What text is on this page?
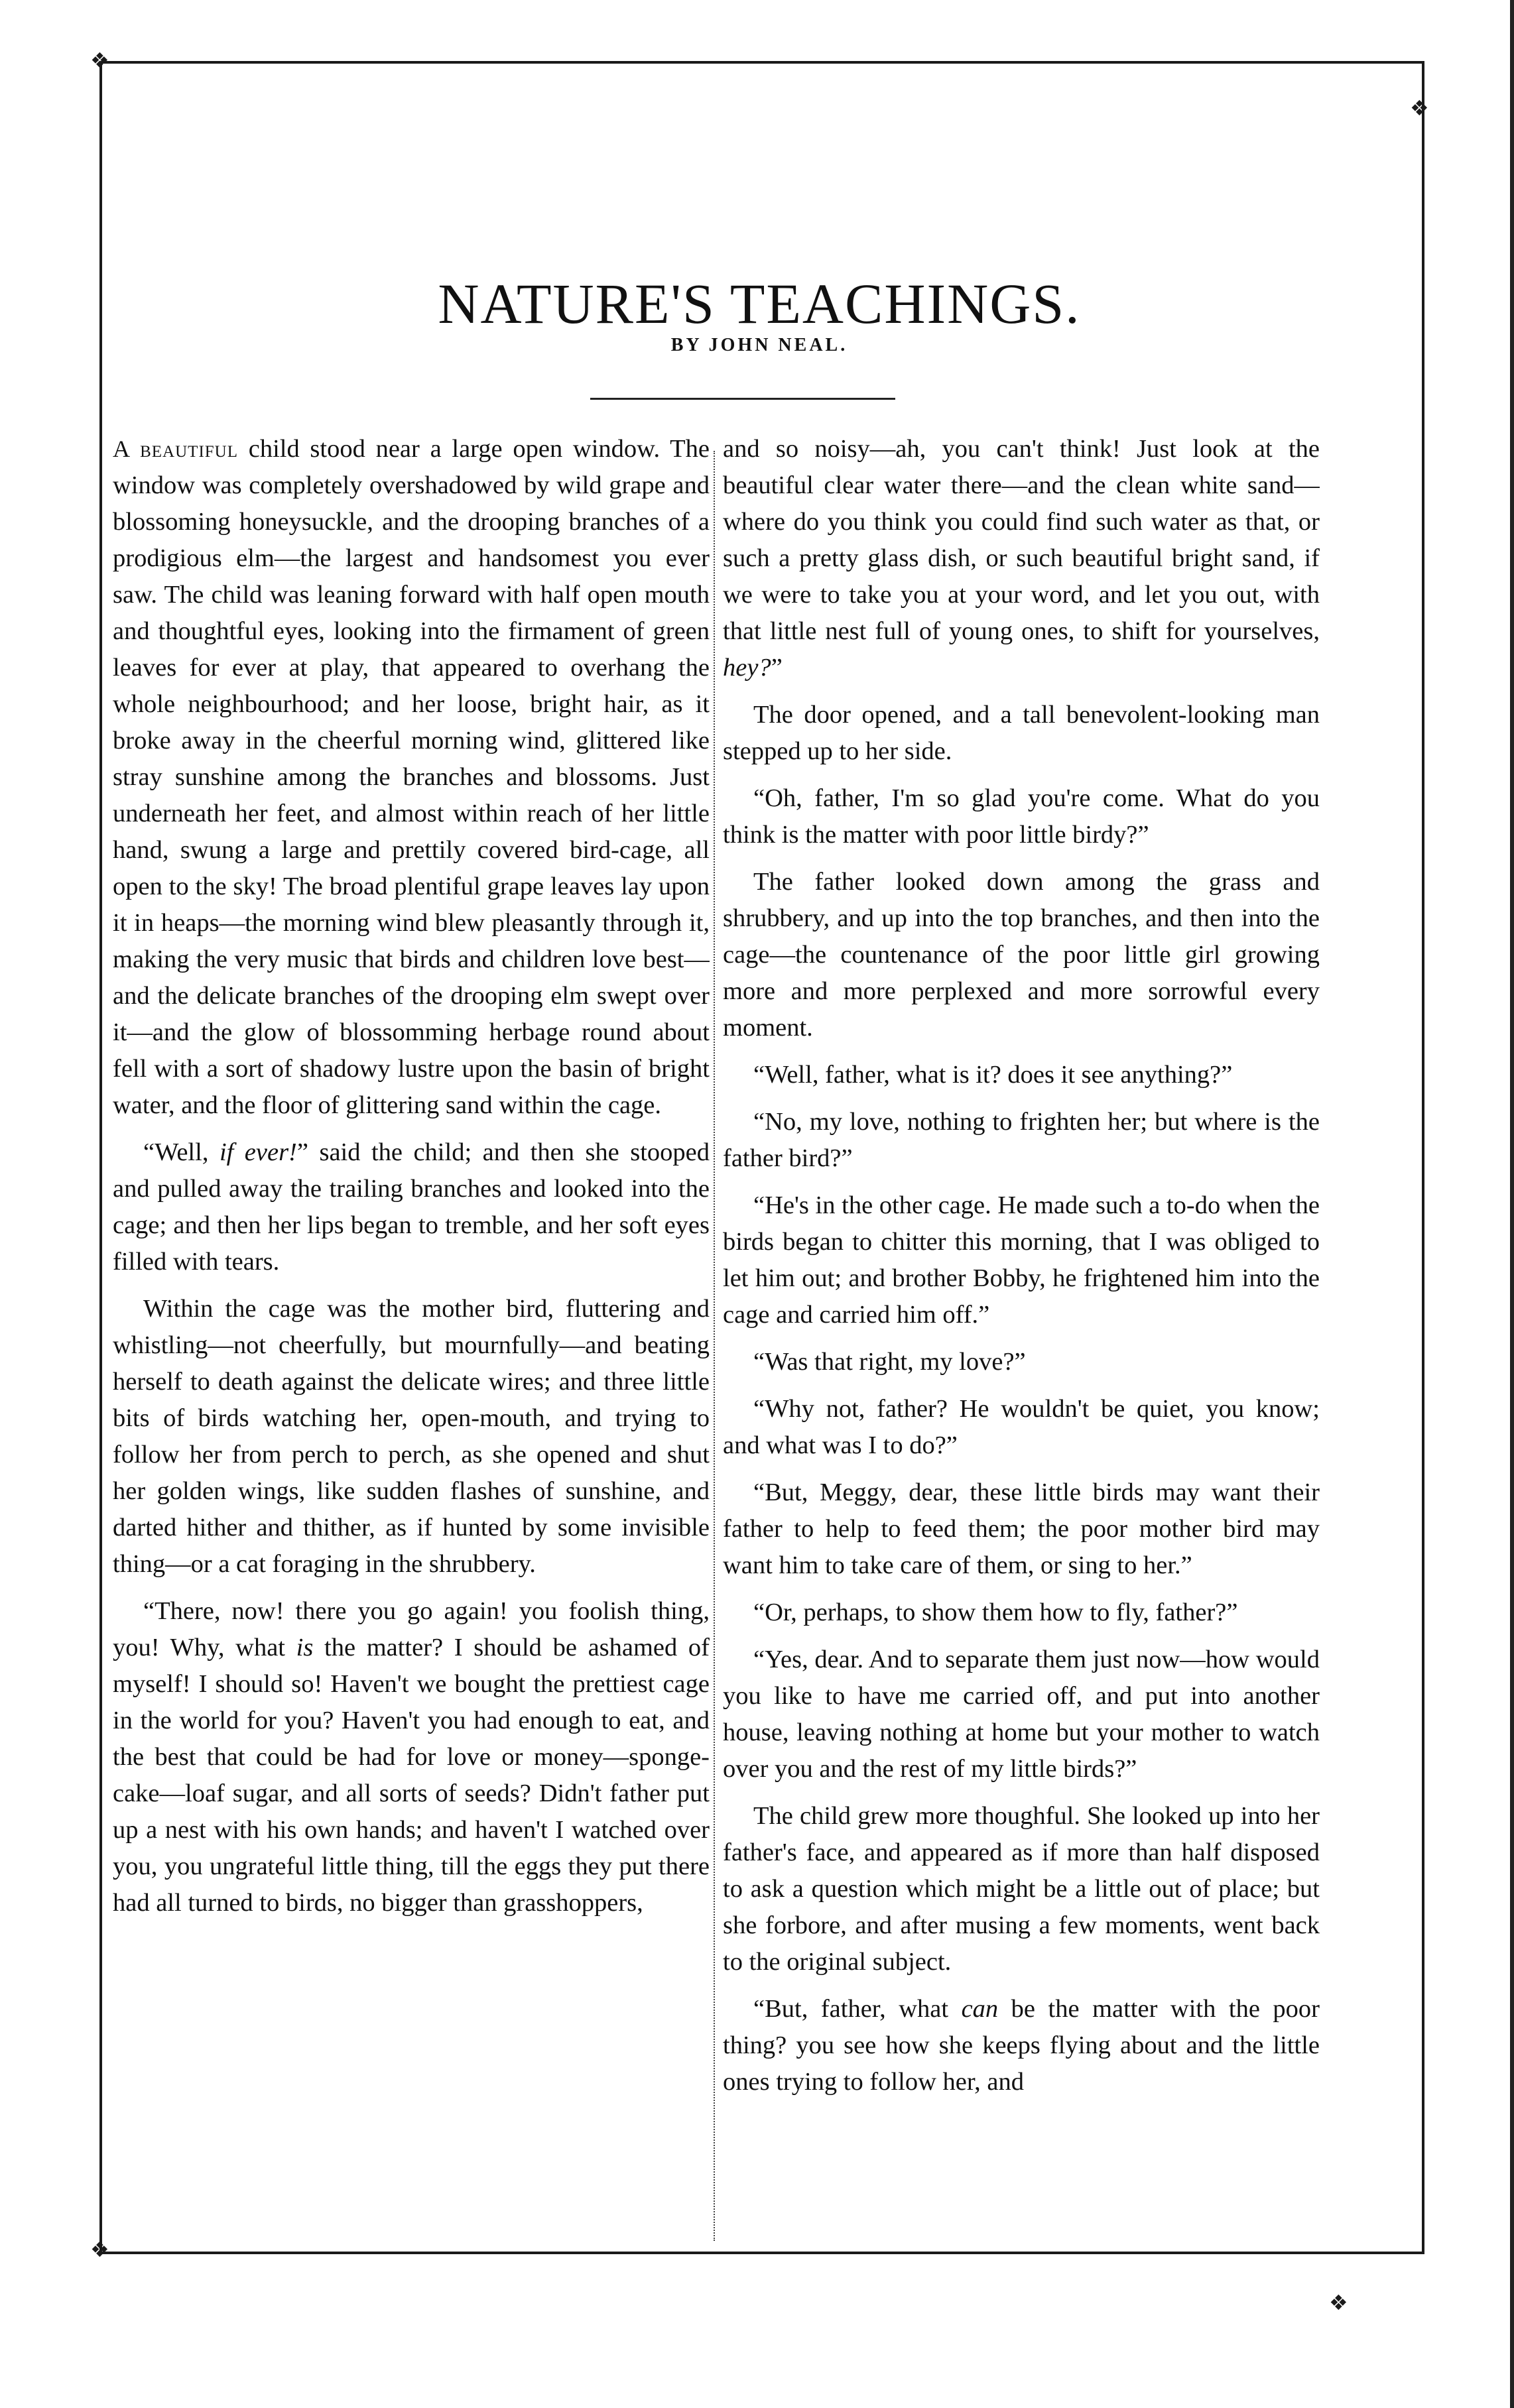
❖
❖
❖
❖
NATURE'S TEACHINGS.
BY JOHN NEAL.

A beautiful child stood near a large open window. The window was completely overshadowed by wild grape and blossoming honeysuckle, and the drooping branches of a prodigious elm—the largest and handsomest you ever saw. The child was leaning forward with half open mouth and thoughtful eyes, looking into the firmament of green leaves for ever at play, that appeared to overhang the whole neighbourhood; and her loose, bright hair, as it broke away in the cheerful morning wind, glittered like stray sunshine among the branches and blossoms. Just underneath her feet, and almost within reach of her little hand, swung a large and prettily covered bird-cage, all open to the sky! The broad plentiful grape leaves lay upon it in heaps—the morning wind blew pleasantly through it, making the very music that birds and children love best—and the delicate branches of the drooping elm swept over it—and the glow of blossomming herbage round about fell with a sort of shadowy lustre upon the basin of bright water, and the floor of glittering sand within the cage.

“Well, if ever!” said the child; and then she stooped and pulled away the trailing branches and looked into the cage; and then her lips began to tremble, and her soft eyes filled with tears.

Within the cage was the mother bird, fluttering and whistling—not cheerfully, but mournfully—and beating herself to death against the delicate wires; and three little bits of birds watching her, open-mouth, and trying to follow her from perch to perch, as she opened and shut her golden wings, like sudden flashes of sunshine, and darted hither and thither, as if hunted by some invisible thing—or a cat foraging in the shrubbery.

“There, now! there you go again! you foolish thing, you! Why, what is the matter? I should be ashamed of myself! I should so! Haven't we bought the prettiest cage in the world for you? Haven't you had enough to eat, and the best that could be had for love or money—sponge-cake—loaf sugar, and all sorts of seeds? Didn't father put up a nest with his own hands; and haven't I watched over you, you ungrateful little thing, till the eggs they put there had all turned to birds, no bigger than grasshoppers,

and so noisy—ah, you can't think! Just look at the beautiful clear water there—and the clean white sand—where do you think you could find such water as that, or such a pretty glass dish, or such beautiful bright sand, if we were to take you at your word, and let you out, with that little nest full of young ones, to shift for yourselves, hey?”

The door opened, and a tall benevolent-looking man stepped up to her side.

“Oh, father, I'm so glad you're come. What do you think is the matter with poor little birdy?”

The father looked down among the grass and shrubbery, and up into the top branches, and then into the cage—the countenance of the poor little girl growing more and more perplexed and more sorrowful every moment.

“Well, father, what is it? does it see anything?”

“No, my love, nothing to frighten her; but where is the father bird?”

“He's in the other cage. He made such a to-do when the birds began to chitter this morning, that I was obliged to let him out; and brother Bobby, he frightened him into the cage and carried him off.”

“Was that right, my love?”

“Why not, father? He wouldn't be quiet, you know; and what was I to do?”

“But, Meggy, dear, these little birds may want their father to help to feed them; the poor mother bird may want him to take care of them, or sing to her.”

“Or, perhaps, to show them how to fly, father?”

“Yes, dear. And to separate them just now—how would you like to have me carried off, and put into another house, leaving nothing at home but your mother to watch over you and the rest of my little birds?”

The child grew more thoughful. She looked up into her father's face, and appeared as if more than half disposed to ask a question which might be a little out of place; but she forbore, and after musing a few moments, went back to the original subject.

“But, father, what can be the matter with the poor thing? you see how she keeps flying about and the little ones trying to follow her, and
